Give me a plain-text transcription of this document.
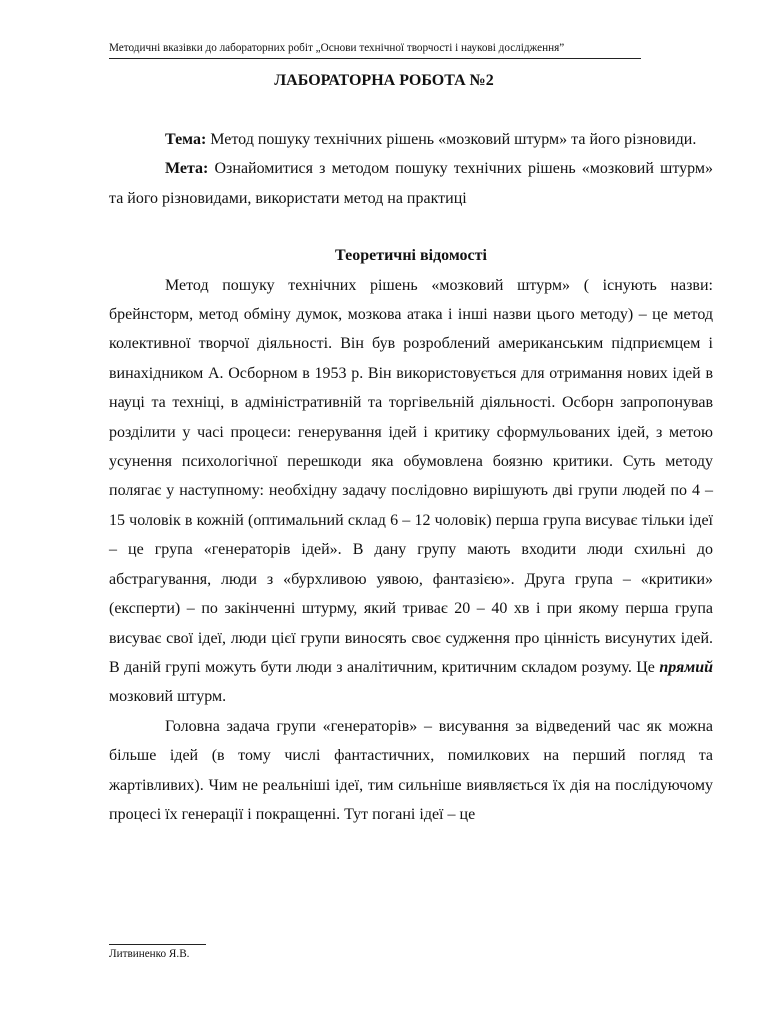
Методичні вказівки до лабораторних робіт „Основи технічної творчості і наукові дослідження”
ЛАБОРАТОРНА РОБОТА №2

Тема: Метод пошуку технічних рішень «мозковий штурм» та його різновиди.

Мета: Ознайомитися з методом пошуку технічних рішень «мозковий штурм» та його різновидами, використати метод на практиці

Теоретичні відомості

Метод пошуку технічних рішень «мозковий штурм» ( існують назви: брейнсторм, метод обміну думок, мозкова атака і інші назви цього методу) – це метод колективної творчої діяльності. Він був розроблений американським підприємцем і винахідником А. Осборном в 1953 р. Він використовується для отримання нових ідей в науці та техніці, в адміністративній та торгівельній діяльності. Осборн запропонував розділити у часі процеси: генерування ідей і критику сформульованих ідей, з метою усунення психологічної перешкоди яка обумовлена боязню критики. Суть методу полягає у наступному: необхідну задачу послідовно вирішують дві групи людей по 4 – 15 чоловік в кожній (оптимальний склад 6 – 12 чоловік) перша група висуває тільки ідеї – це група «генераторів ідей». В дану групу мають входити люди схильні до абстрагування, люди з «бурхливою уявою, фантазією». Друга група – «критики» (експерти) – по закінченні штурму, який триває 20 – 40 хв і при якому перша група висуває свої ідеї, люди цієї групи виносять своє судження про цінність висунутих ідей. В даній групі можуть бути люди з аналітичним, критичним складом розуму. Це прямий мозковий штурм.

Головна задача групи «генераторів» – висування за відведений час як можна більше ідей (в тому числі фантастичних, помилкових на перший погляд та жартівливих). Чим не реальніші ідеї, тим сильніше виявляється їх дія на послідуючому процесі їх генерації і покращенні. Тут погані ідеї – це

Литвиненко Я.В.
